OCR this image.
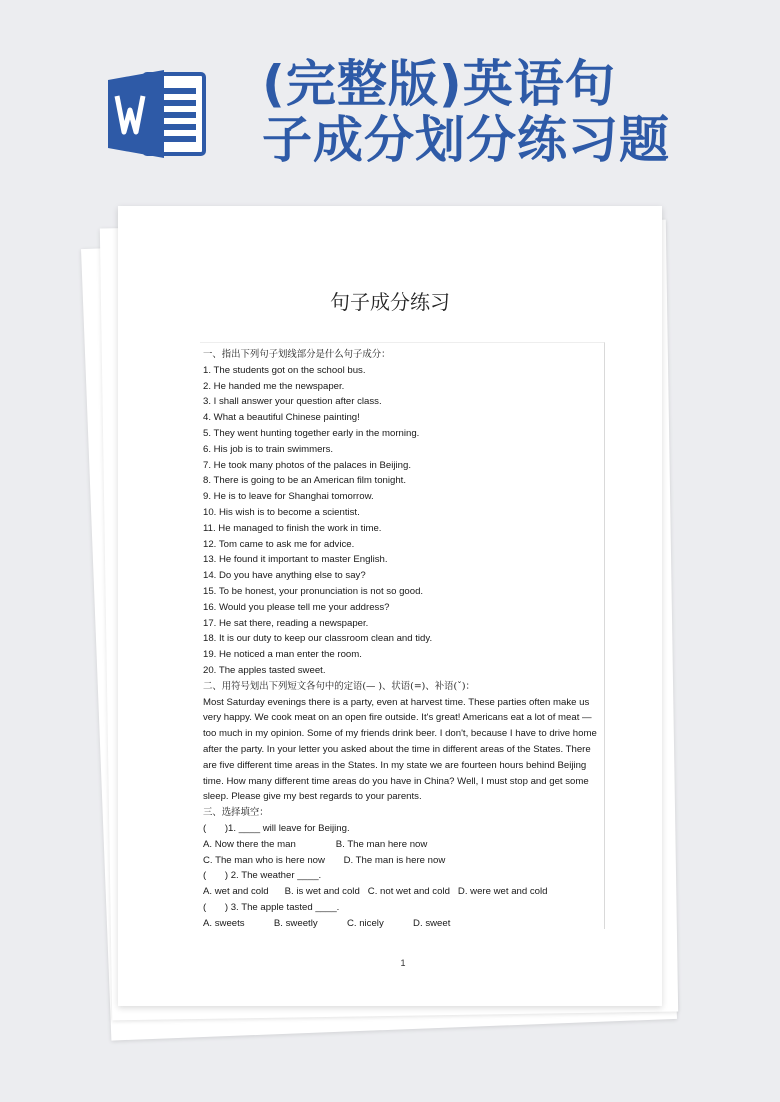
(完整版)英语句
子成分划分练习题
句子成分练习
一、指出下列句子划线部分是什么句子成分：
1. The students got on the school bus.
2. He handed me the newspaper.
3. I shall answer your question after class.
4. What a beautiful Chinese painting!
5. They went hunting together early in the morning.
6. His job is to train swimmers.
7. He took many photos of the palaces in Beijing.
8. There is going to be an American film tonight.
9. He is to leave for Shanghai tomorrow.
10. His wish is to become a scientist.
11. He managed to finish the work in time.
12. Tom came to ask me for advice.
13. He found it important to master English.
14. Do you have anything else to say?
15. To be honest, your pronunciation is not so good.
16. Would you please tell me your address?
17. He sat there, reading a newspaper.
18. It is our duty to keep our classroom clean and tidy.
19. He noticed a man enter the room.
20. The apples tasted sweet.
二、用符号划出下列短文各句中的定语(— )、状语(=)、补语(ˇ)：
Most Saturday evenings there is a party, even at harvest time. These parties often make us very happy. We cook meat on an open fire outside. It's great! Americans eat a lot of meat — too much in my opinion. Some of my friends drink beer. I don't, because I have to drive home after the party. In your letter you asked about the time in different areas of the States. There are five different time areas in the States. In my state we are fourteen hours behind Beijing time. How many different time areas do you have in China? Well, I must stop and get some sleep. Please give my best regards to your parents.
三、选择填空：
(       )1. ____ will leave for Beijing.
A. Now there the man               B. The man here now
C. The man who is here now       D. The man is here now
(       ) 2. The weather ____.
A. wet and cold      B. is wet and cold   C. not wet and cold   D. were wet and cold
(       ) 3. The apple tasted ____.
A. sweets           B. sweetly           C. nicely           D. sweet
1
